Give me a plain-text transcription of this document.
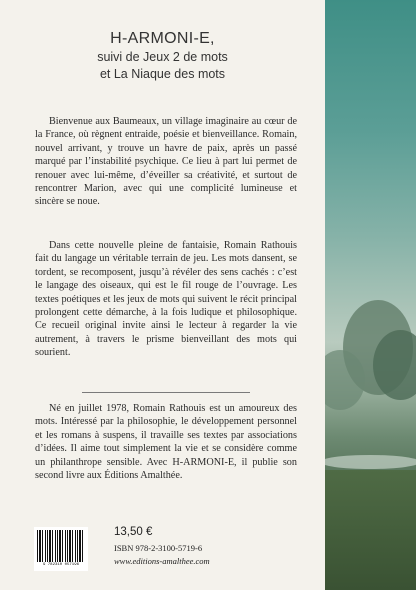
H-ARMONI-E,
suivi de Jeux 2 de mots
et La Niaque des mots

Bienvenue aux Baumeaux, un village imaginaire au cœur de la France, où règnent entraide, poésie et bienveillance. Romain, nouvel arrivant, y trouve un havre de paix, après un passé marqué par l’instabilité psychique. Ce lieu à part lui permet de renouer avec lui-même, d’éveiller sa créativité, et surtout de rencontrer Marion, avec qui une complicité lumineuse et sincère se noue.

Dans cette nouvelle pleine de fantaisie, Romain Rathouis fait du langage un véritable terrain de jeu. Les mots dansent, se tordent, se recomposent, jusqu’à révéler des sens cachés : c’est le langage des oiseaux, qui est le fil rouge de l’ouvrage. Les textes poétiques et les jeux de mots qui suivent le récit principal prolongent cette démarche, à la fois ludique et philosophique. Ce recueil original invite ainsi le lecteur à regarder la vie autrement, à travers le prisme bienveillant des mots qui sourient.

Né en juillet 1978, Romain Rathouis est un amoureux des mots. Intéressé par la philosophie, le développement personnel et les romans à suspens, il travaille ses textes par associations d’idées. Il aime tout simplement la vie et se considère comme un philanthrope sensible. Avec H-ARMONI-E, il publie son second livre aux Éditions Amalthée.

9 782310 057196
13,50 €
ISBN 978-2-3100-5719-6
www.editions-amalthee.com
